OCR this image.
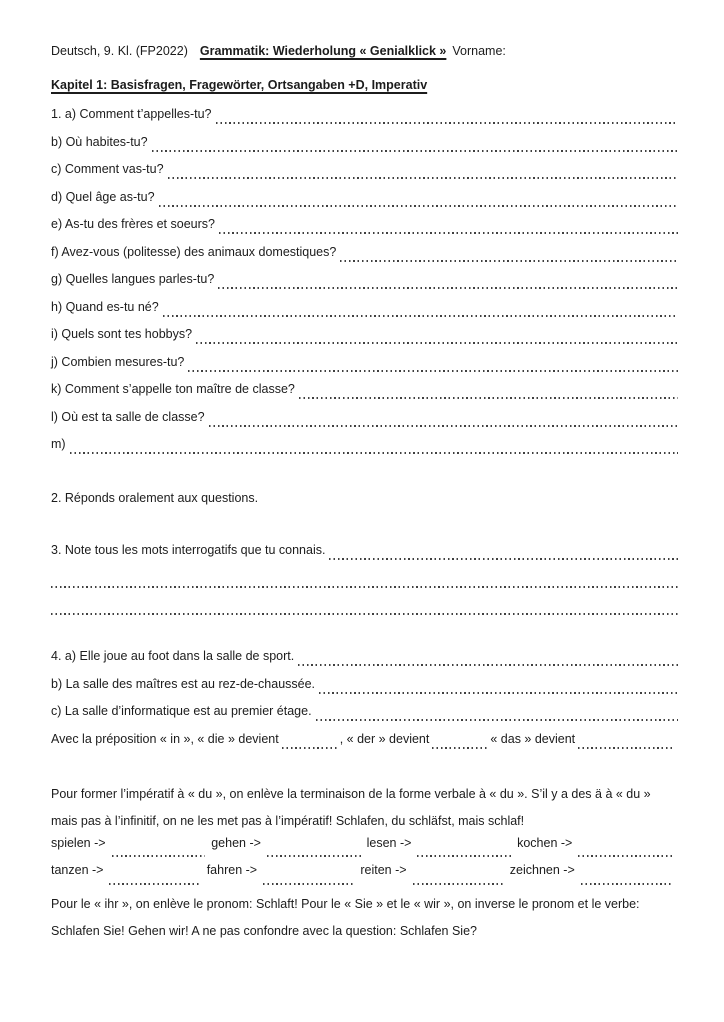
Deutsch, 9. Kl. (FP2022) Grammatik: Wiederholung « Genialklick » Vorname:
Kapitel 1: Basisfragen, Fragewörter, Ortsangaben +D, Imperativ
1. a) Comment t’appelles-tu?
b) Où habites-tu?
c) Comment vas-tu?
d) Quel âge as-tu?
e) As-tu des frères et soeurs?
f) Avez-vous (politesse) des animaux domestiques?
g) Quelles langues parles-tu?
h) Quand es-tu né?
i) Quels sont tes hobbys?
j) Combien mesures-tu?
k) Comment s’appelle ton maître de classe?
l) Où est ta salle de classe?
m)
2. Réponds oralement aux questions.
3. Note tous les mots interrogatifs que tu connais.
4. a) Elle joue au foot dans la salle de sport.
b) La salle des maîtres est au rez-de-chaussée.
c) La salle d’informatique est au premier étage.
Avec la préposition « in », « die » devient	, « der » devient	« das » devient

Pour former l’impératif à « du », on enlève la terminaison de la forme verbale à « du ». S’il y a des ä à « du » mais pas à l’infinitif, on ne les met pas à l’impératif! Schlafen, du schläfst, mais schlaf!

spielen ->	gehen ->	lesen ->	kochen ->
tanzen ->	fahren ->	reiten ->	zeichnen ->

Pour le « ihr », on enlève le pronom: Schlaft! Pour le « Sie » et le « wir », on inverse le pronom et le verbe: Schlafen Sie! Gehen wir! A ne pas confondre avec la question: Schlafen Sie?
